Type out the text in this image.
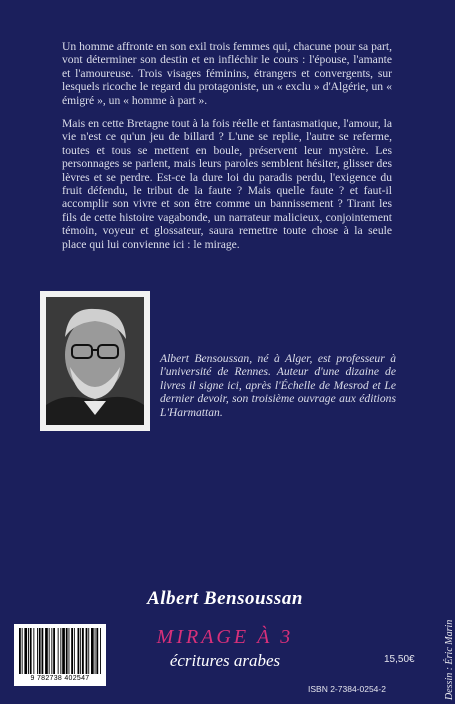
Un homme affronte en son exil trois femmes qui, chacune pour sa part, vont déterminer son destin et en infléchir le cours : l'épouse, l'amante et l'amoureuse. Trois visages féminins, étrangers et convergents, sur lesquels ricoche le regard du protagoniste, un « exclu » d'Algérie, un « émigré », un « homme à part ».

Mais en cette Bretagne tout à la fois réelle et fantasmatique, l'amour, la vie n'est ce qu'un jeu de billard ? L'une se replie, l'autre se referme, toutes et tous se mettent en boule, préservent leur mystère. Les personnages se parlent, mais leurs paroles semblent hésiter, glisser des lèvres et se perdre. Est-ce la dure loi du paradis perdu, l'exigence du fruit défendu, le tribut de la faute ? Mais quelle faute ? et faut-il accomplir son vivre et son être comme un bannissement ? Tirant les fils de cette histoire vagabonde, un narrateur malicieux, conjointement témoin, voyeur et glossateur, saura remettre toute chose à la seule place qui lui convienne ici : le mirage.

Albert Bensoussan, né à Alger, est professeur à l'université de Rennes. Auteur d'une dizaine de livres il signe ici, après l'Échelle de Mesrod et Le dernier devoir, son troisième ouvrage aux éditions L'Harmattan.
Albert Bensoussan
MIRAGE À 3
écritures arabes	Dessin : Éric Marin
9 782738 402547
15,50€
ISBN 2-7384-0254-2
